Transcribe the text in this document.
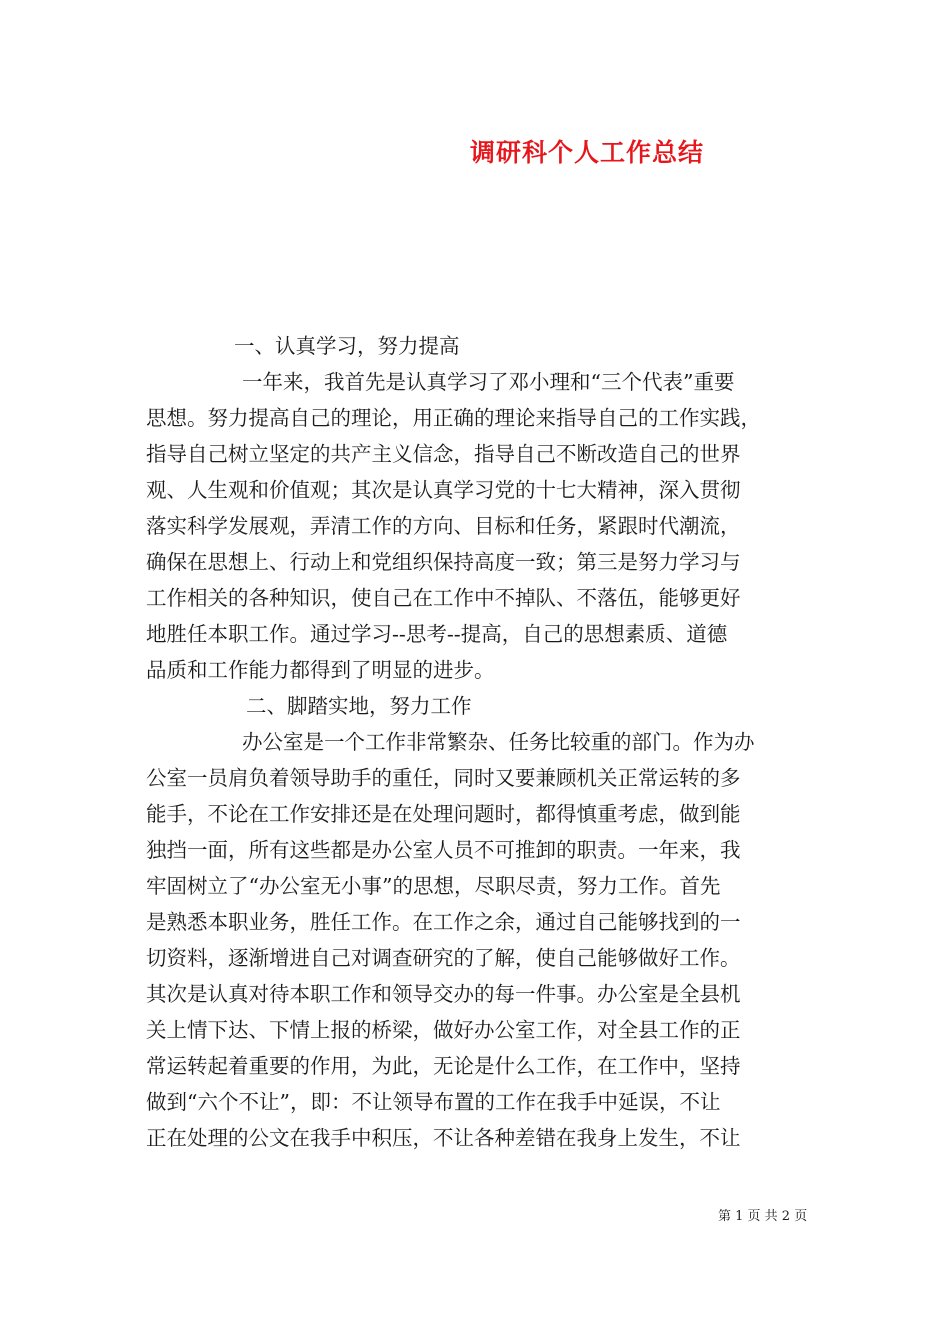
调研科个人工作总结
一、认真学习，努力提高
一年来，我首先是认真学习了邓小理和“三个代表”重要
思想。努力提高自己的理论，用正确的理论来指导自己的工作实践，
指导自己树立坚定的共产主义信念，指导自己不断改造自己的世界
观、人生观和价值观；其次是认真学习党的十七大精神，深入贯彻
落实科学发展观，弄清工作的方向、目标和任务，紧跟时代潮流，
确保在思想上、行动上和党组织保持高度一致；第三是努力学习与
工作相关的各种知识，使自己在工作中不掉队、不落伍，能够更好
地胜任本职工作。通过学习--思考--提高，自己的思想素质、道德
品质和工作能力都得到了明显的进步。
二、脚踏实地，努力工作
办公室是一个工作非常繁杂、任务比较重的部门。作为办
公室一员肩负着领导助手的重任，同时又要兼顾机关正常运转的多
能手，不论在工作安排还是在处理问题时，都得慎重考虑，做到能
独挡一面，所有这些都是办公室人员不可推卸的职责。一年来，我
牢固树立了“办公室无小事”的思想，尽职尽责，努力工作。首先
是熟悉本职业务，胜任工作。在工作之余，通过自己能够找到的一
切资料，逐渐增进自己对调查研究的了解，使自己能够做好工作。
其次是认真对待本职工作和领导交办的每一件事。办公室是全县机
关上情下达、下情上报的桥梁，做好办公室工作，对全县工作的正
常运转起着重要的作用，为此，无论是什么工作，在工作中，坚持
做到“六个不让”，即：不让领导布置的工作在我手中延误，不让
正在处理的公文在我手中积压，不让各种差错在我身上发生，不让
第 1 页 共 2 页
